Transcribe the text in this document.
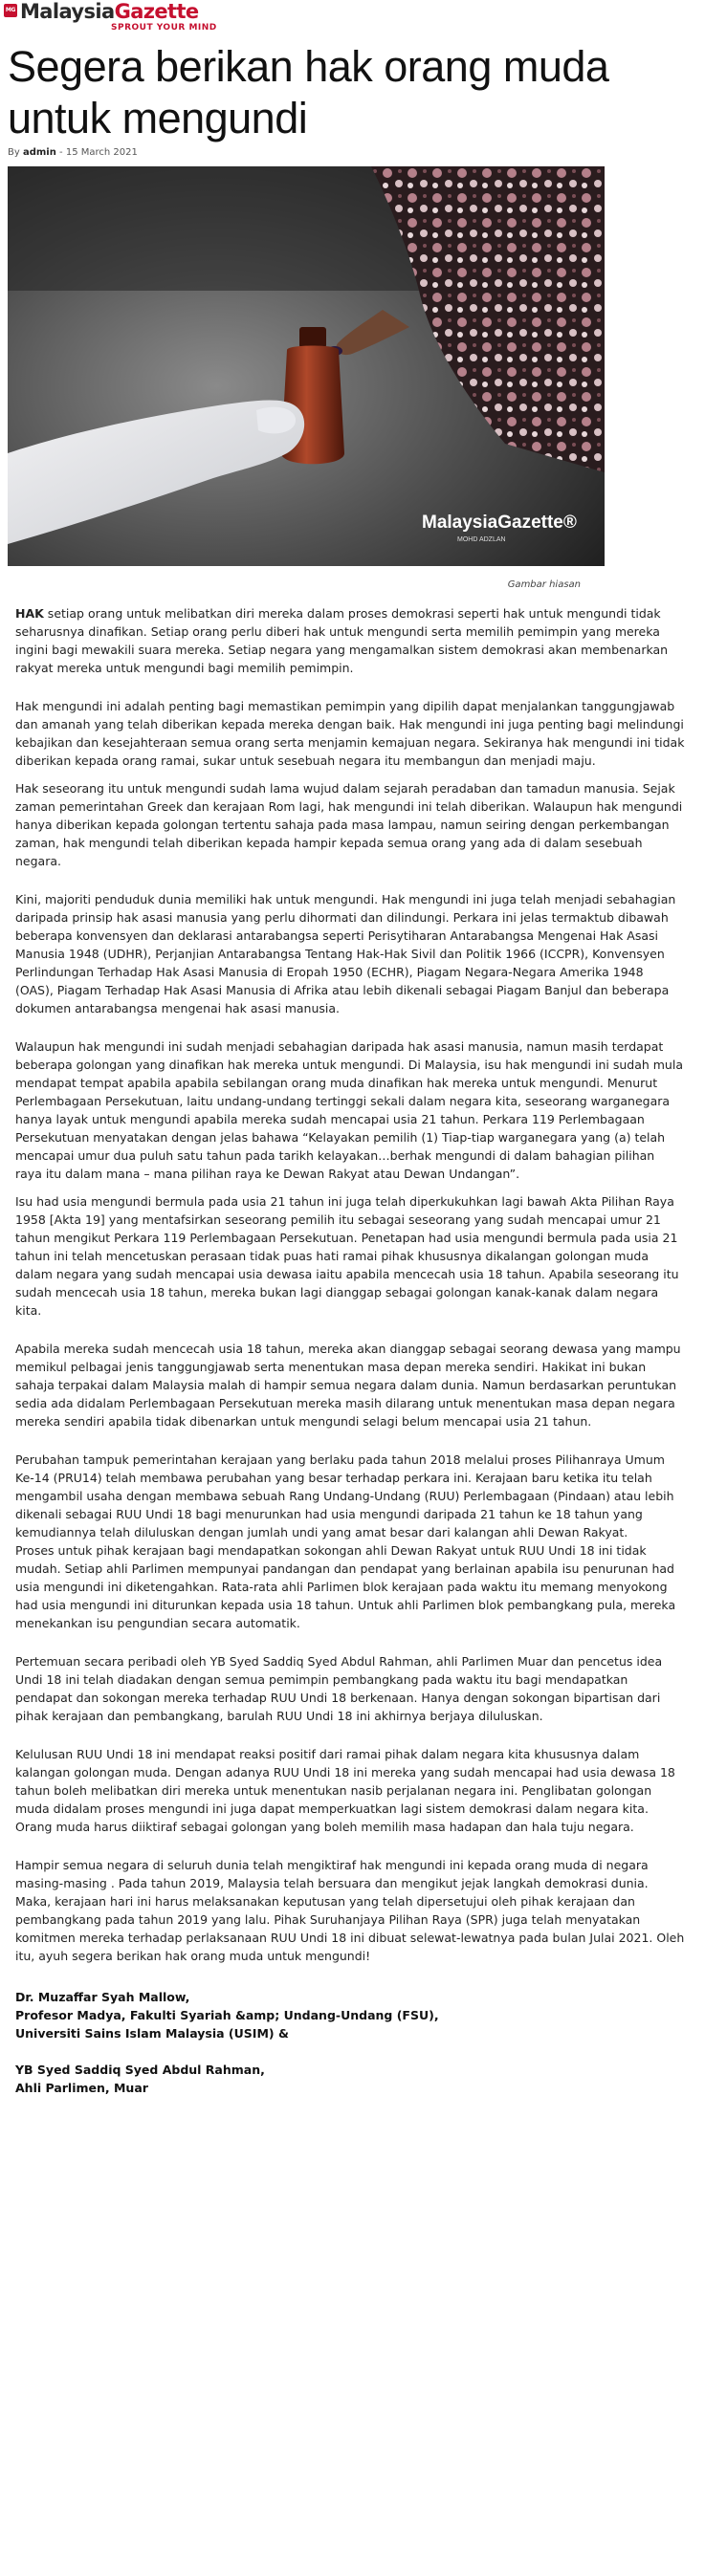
MG MalaysiaGazette
SPROUT YOUR MIND
Segera berikan hak orang muda untuk mengundi
By admin - 15 March 2021
MalaysiaGazette®
MOHD ADZLAN
Gambar hiasan

HAK setiap orang untuk melibatkan diri mereka dalam proses demokrasi seperti hak untuk mengundi tidak seharusnya dinafikan. Setiap orang perlu diberi hak untuk mengundi serta memilih pemimpin yang mereka ingini bagi mewakili suara mereka. Setiap negara yang mengamalkan sistem demokrasi akan membenarkan rakyat mereka untuk mengundi bagi memilih pemimpin.

Hak mengundi ini adalah penting bagi memastikan pemimpin yang dipilih dapat menjalankan tanggungjawab dan amanah yang telah diberikan kepada mereka dengan baik. Hak mengundi ini juga penting bagi melindungi kebajikan dan kesejahteraan semua orang serta menjamin kemajuan negara. Sekiranya hak mengundi ini tidak diberikan kepada orang ramai, sukar untuk sesebuah negara itu membangun dan menjadi maju.

Hak seseorang itu untuk mengundi sudah lama wujud dalam sejarah peradaban dan tamadun manusia. Sejak zaman pemerintahan Greek dan kerajaan Rom lagi, hak mengundi ini telah diberikan. Walaupun hak mengundi hanya diberikan kepada golongan tertentu sahaja pada masa lampau, namun seiring dengan perkembangan zaman, hak mengundi telah diberikan kepada hampir kepada semua orang yang ada di dalam sesebuah negara.

Kini, majoriti penduduk dunia memiliki hak untuk mengundi. Hak mengundi ini juga telah menjadi sebahagian daripada prinsip hak asasi manusia yang perlu dihormati dan dilindungi. Perkara ini jelas termaktub dibawah beberapa konvensyen dan deklarasi antarabangsa seperti Perisytiharan Antarabangsa Mengenai Hak Asasi Manusia 1948 (UDHR), Perjanjian Antarabangsa Tentang Hak-Hak Sivil dan Politik 1966 (ICCPR), Konvensyen Perlindungan Terhadap Hak Asasi Manusia di Eropah 1950 (ECHR), Piagam Negara-Negara Amerika 1948 (OAS), Piagam Terhadap Hak Asasi Manusia di Afrika atau lebih dikenali sebagai Piagam Banjul dan beberapa dokumen antarabangsa mengenai hak asasi manusia.

Walaupun hak mengundi ini sudah menjadi sebahagian daripada hak asasi manusia, namun masih terdapat beberapa golongan yang dinafikan hak mereka untuk mengundi. Di Malaysia, isu hak mengundi ini sudah mula mendapat tempat apabila apabila sebilangan orang muda dinafikan hak mereka untuk mengundi. Menurut Perlembagaan Persekutuan, laitu undang-undang tertinggi sekali dalam negara kita, seseorang warganegara hanya layak untuk mengundi apabila mereka sudah mencapai usia 21 tahun. Perkara 119 Perlembagaan Persekutuan menyatakan dengan jelas bahawa “Kelayakan pemilih (1) Tiap-tiap warganegara yang (a) telah mencapai umur dua puluh satu tahun pada tarikh kelayakan…berhak mengundi di dalam bahagian pilihan raya itu dalam mana – mana pilihan raya ke Dewan Rakyat atau Dewan Undangan”.

Isu had usia mengundi bermula pada usia 21 tahun ini juga telah diperkukuhkan lagi bawah Akta Pilihan Raya 1958 [Akta 19] yang mentafsirkan seseorang pemilih itu sebagai seseorang yang sudah mencapai umur 21 tahun mengikut Perkara 119 Perlembagaan Persekutuan. Penetapan had usia mengundi bermula pada usia 21 tahun ini telah mencetuskan perasaan tidak puas hati ramai pihak khususnya dikalangan golongan muda dalam negara yang sudah mencapai usia dewasa iaitu apabila mencecah usia 18 tahun. Apabila seseorang itu sudah mencecah usia 18 tahun, mereka bukan lagi dianggap sebagai golongan kanak-kanak dalam negara kita.

Apabila mereka sudah mencecah usia 18 tahun, mereka akan dianggap sebagai seorang dewasa yang mampu memikul pelbagai jenis tanggungjawab serta menentukan masa depan mereka sendiri. Hakikat ini bukan sahaja terpakai dalam Malaysia malah di hampir semua negara dalam dunia. Namun berdasarkan peruntukan sedia ada didalam Perlembagaan Persekutuan mereka masih dilarang untuk menentukan masa depan negara mereka sendiri apabila tidak dibenarkan untuk mengundi selagi belum mencapai usia 21 tahun.

Perubahan tampuk pemerintahan kerajaan yang berlaku pada tahun 2018 melalui proses Pilihanraya Umum Ke-14 (PRU14) telah membawa perubahan yang besar terhadap perkara ini. Kerajaan baru ketika itu telah mengambil usaha dengan membawa sebuah Rang Undang-Undang (RUU) Perlembagaan (Pindaan) atau lebih dikenali sebagai RUU Undi 18 bagi menurunkan had usia mengundi daripada 21 tahun ke 18 tahun yang kemudiannya telah diluluskan dengan jumlah undi yang amat besar dari kalangan ahli Dewan Rakyat.

Proses untuk pihak kerajaan bagi mendapatkan sokongan ahli Dewan Rakyat untuk RUU Undi 18 ini tidak mudah. Setiap ahli Parlimen mempunyai pandangan dan pendapat yang berlainan apabila isu penurunan had usia mengundi ini diketengahkan. Rata-rata ahli Parlimen blok kerajaan pada waktu itu memang menyokong had usia mengundi ini diturunkan kepada usia 18 tahun. Untuk ahli Parlimen blok pembangkang pula, mereka menekankan isu pengundian secara automatik.

Pertemuan secara peribadi oleh YB Syed Saddiq Syed Abdul Rahman, ahli Parlimen Muar dan pencetus idea Undi 18 ini telah diadakan dengan semua pemimpin pembangkang pada waktu itu bagi mendapatkan pendapat dan sokongan mereka terhadap RUU Undi 18 berkenaan. Hanya dengan sokongan bipartisan dari pihak kerajaan dan pembangkang, barulah RUU Undi 18 ini akhirnya berjaya diluluskan.

Kelulusan RUU Undi 18 ini mendapat reaksi positif dari ramai pihak dalam negara kita khususnya dalam kalangan golongan muda. Dengan adanya RUU Undi 18 ini mereka yang sudah mencapai had usia dewasa 18 tahun boleh melibatkan diri mereka untuk menentukan nasib perjalanan negara ini. Penglibatan golongan muda didalam proses mengundi ini juga dapat memperkuatkan lagi sistem demokrasi dalam negara kita. Orang muda harus diiktiraf sebagai golongan yang boleh memilih masa hadapan dan hala tuju negara.

Hampir semua negara di seluruh dunia telah mengiktiraf hak mengundi ini kepada orang muda di negara masing-masing . Pada tahun 2019, Malaysia telah bersuara dan mengikut jejak langkah demokrasi dunia. Maka, kerajaan hari ini harus melaksanakan keputusan yang telah dipersetujui oleh pihak kerajaan dan pembangkang pada tahun 2019 yang lalu. Pihak Suruhanjaya Pilihan Raya (SPR) juga telah menyatakan komitmen mereka terhadap perlaksanaan RUU Undi 18 ini dibuat selewat-lewatnya pada bulan Julai 2021. Oleh itu, ayuh segera berikan hak orang muda untuk mengundi!

Dr. Muzaffar Syah Mallow,
Profesor Madya, Fakulti Syariah &amp; Undang-Undang (FSU),
Universiti Sains Islam Malaysia (USIM) &
YB Syed Saddiq Syed Abdul Rahman,
Ahli Parlimen, Muar
